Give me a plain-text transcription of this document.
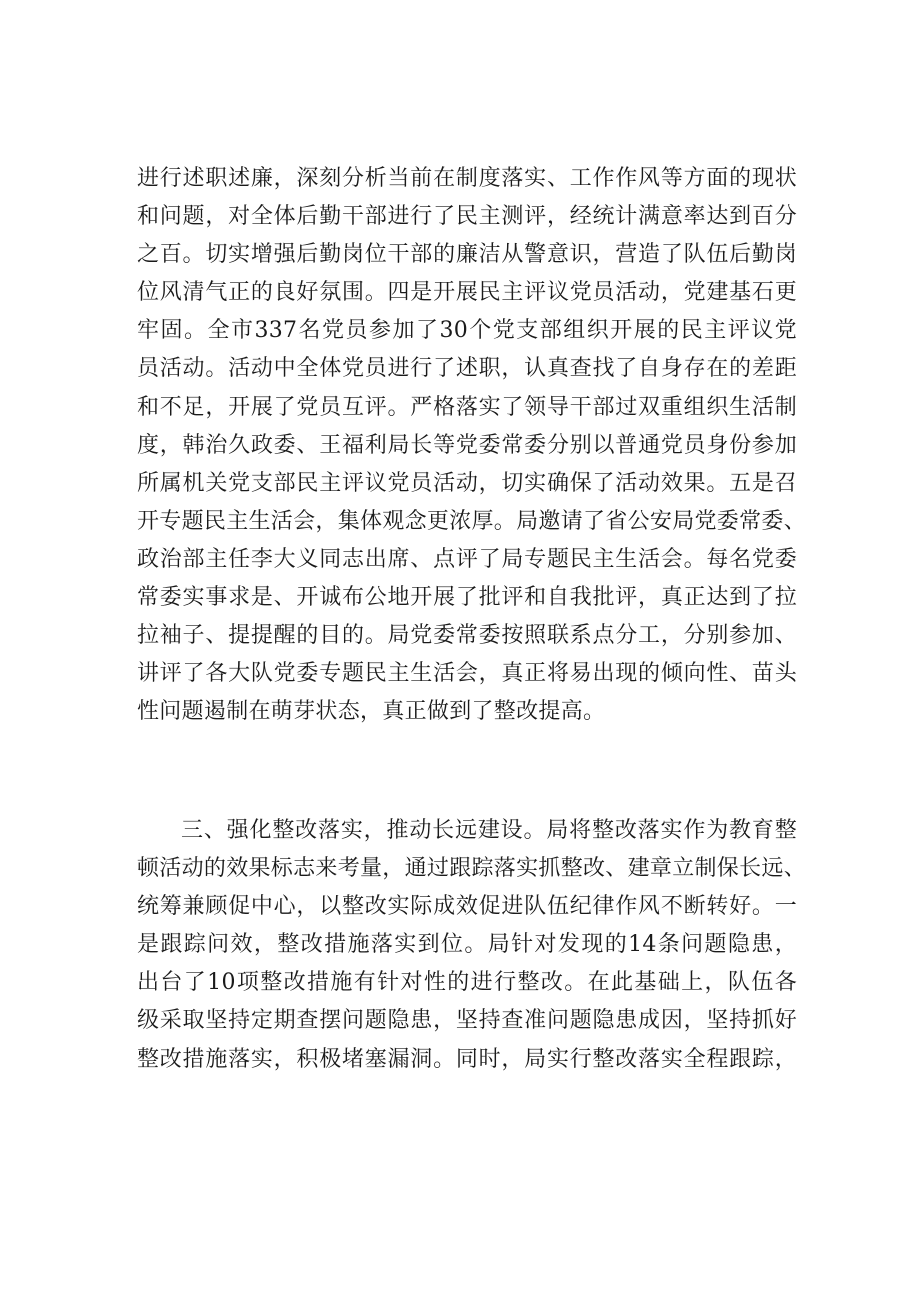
进行述职述廉，深刻分析当前在制度落实、工作作风等方面的现状
和问题，对全体后勤干部进行了民主测评，经统计满意率达到百分
之百。切实增强后勤岗位干部的廉洁从警意识，营造了队伍后勤岗
位风清气正的良好氛围。四是开展民主评议党员活动，党建基石更
牢固。全市337名党员参加了30个党支部组织开展的民主评议党
员活动。活动中全体党员进行了述职，认真查找了自身存在的差距
和不足，开展了党员互评。严格落实了领导干部过双重组织生活制
度，韩治久政委、王福利局长等党委常委分别以普通党员身份参加
所属机关党支部民主评议党员活动，切实确保了活动效果。五是召
开专题民主生活会，集体观念更浓厚。局邀请了省公安局党委常委、
政治部主任李大义同志出席、点评了局专题民主生活会。每名党委
常委实事求是、开诚布公地开展了批评和自我批评，真正达到了拉
拉袖子、提提醒的目的。局党委常委按照联系点分工，分别参加、
讲评了各大队党委专题民主生活会，真正将易出现的倾向性、苗头
性问题遏制在萌芽状态，真正做到了整改提高。
三、强化整改落实，推动长远建设。局将整改落实作为教育整
顿活动的效果标志来考量，通过跟踪落实抓整改、建章立制保长远、
统筹兼顾促中心，以整改实际成效促进队伍纪律作风不断转好。一
是跟踪问效，整改措施落实到位。局针对发现的14条问题隐患，
出台了10项整改措施有针对性的进行整改。在此基础上，队伍各
级采取坚持定期查摆问题隐患，坚持查准问题隐患成因，坚持抓好
整改措施落实，积极堵塞漏洞。同时，局实行整改落实全程跟踪，
